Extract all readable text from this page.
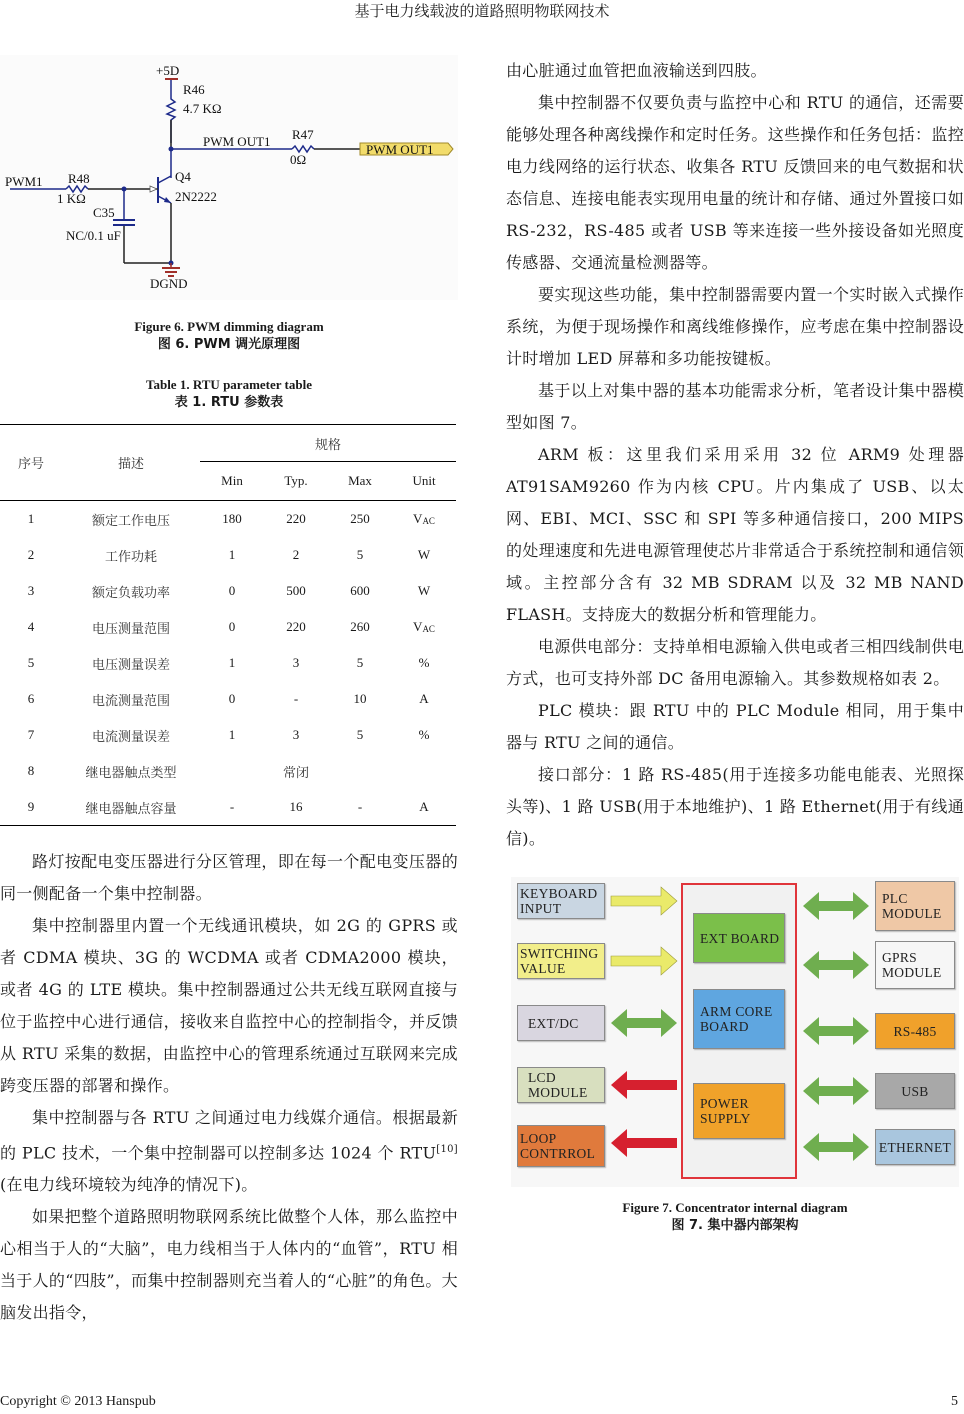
基于电力线载波的道路照明物联网技术
+5D
R46
4.7 KΩ
PWM OUT1 R47
0Ω
PWM OUT1
PWM1 R48
1 KΩ
Q4
2N2222
C35
NC/0.1 uF
DGND
Figure 6. PWM dimming diagram
图 6. PWM 调光原理图
Table 1. RTU parameter table
表 1. RTU 参数表
序号	描述	规格			
		Min	Typ.	Max	Unit
1	额定工作电压	180	220	250	$V_{AC}$
2	工作功耗	1	2	5	W
3	额定负载功率	0	500	600	W
4	电压测量范围	0	220	260	$V_{AC}$
5	电压测量误差	1	3	5	%
6	电流测量范围	0	-	10	A
7	电流测量误差	1	3	5	%
8	继电器触点类型	常闭			
9	继电器触点容量	-	16	-	A

路灯按配电变压器进行分区管理，即在每一个配电变压器的同一侧配备一个集中控制器。

集中控制器里内置一个无线通讯模块，如 2G 的 GPRS 或者 CDMA 模块、3G 的 WCDMA 或者 CDMA2000 模块，或者 4G 的 LTE 模块。集中控制器通过公共无线互联网直接与位于监控中心进行通信，接收来自监控中心的控制指令，并反馈从 RTU 采集的数据，由监控中心的管理系统通过互联网来完成跨变压器的部署和操作。

集中控制器与各 RTU 之间通过电力线媒介通信。根据最新的 PLC 技术，一个集中控制器可以控制多达 1024 个 RTU[10](在电力线环境较为纯净的情况下)。

如果把整个道路照明物联网系统比做整个人体，那么监控中心相当于人的“大脑”，电力线相当于人体内的“血管”，RTU 相当于人的“四肢”，而集中控制器则充当着人的“心脏”的角色。大脑发出指令，

由心脏通过血管把血液输送到四肢。

集中控制器不仅要负责与监控中心和 RTU 的通信，还需要能够处理各种离线操作和定时任务。这些操作和任务包括：监控电力线网络的运行状态、收集各 RTU 反馈回来的电气数据和状态信息、连接电能表实现用电量的统计和存储、通过外置接口如 RS-232，RS-485 或者 USB 等来连接一些外接设备如光照度传感器、交通流量检测器等。

要实现这些功能，集中控制器需要内置一个实时嵌入式操作系统，为便于现场操作和离线维修操作，应考虑在集中控制器设计时增加 LED 屏幕和多功能按键板。

基于以上对集中器的基本功能需求分析，笔者设计集中器模型如图 7。

ARM 板：这里我们采用采用 32 位 ARM9 处理器 AT91SAM9260 作为内核 CPU。片内集成了 USB、以太网、EBI、MCI、SSC 和 SPI 等多种通信接口，200 MIPS 的处理速度和先进电源管理使芯片非常适合于系统控制和通信领域。主控部分含有 32 MB SDRAM 以及 32 MB NAND FLASH。支持庞大的数据分析和管理能力。

电源供电部分：支持单相电源输入供电或者三相四线制供电方式，也可支持外部 DC 备用电源输入。其参数规格如表 2。

PLC 模块：跟 RTU 中的 PLC Module 相同，用于集中器与 RTU 之间的通信。

接口部分：1 路 RS-485(用于连接多功能电能表、光照探头等)、1 路 USB(用于本地维护)、1 路 Ethernet(用于有线通信)。

KEYBOARD
INPUT
SWITCHING
VALUE
EXT/DC
LCD
MODULE
LOOP
CONTRROL
EXT BOARD
ARM CORE
BOARD
POWER
SUPPLY
PLC
MODULE
GPRS
MODULE
RS-485
USB
ETHERNET
Figure 7. Concentrator internal diagram
图 7. 集中器内部架构
Copyright © 2013 Hanspub	5
